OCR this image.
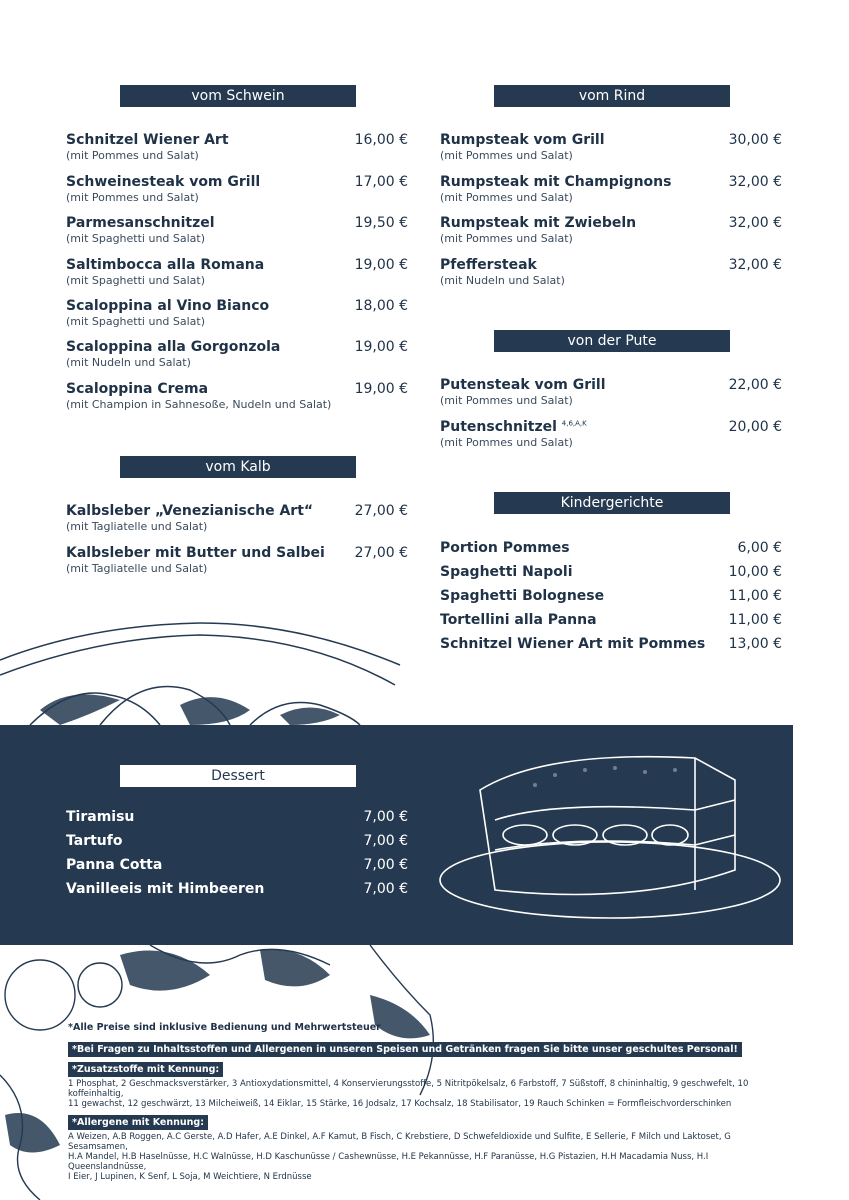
vom Schwein
Schnitzel Wiener Art	16,00 €
(mit Pommes und Salat)
Schweinesteak vom Grill	17,00 €
(mit Pommes und Salat)
Parmesanschnitzel	19,50 €
(mit Spaghetti und Salat)
Saltimbocca alla Romana	19,00 €
(mit Spaghetti und Salat)
Scaloppina al Vino Bianco	18,00 €
(mit Spaghetti und Salat)
Scaloppina alla Gorgonzola	19,00 €
(mit Nudeln und Salat)
Scaloppina Crema	19,00 €
(mit Champion in Sahnesoße, Nudeln und Salat)
vom Kalb
Kalbsleber „Venezianische Art“	27,00 €
(mit Tagliatelle und Salat)
Kalbsleber mit Butter und Salbei 27,00 €
(mit Tagliatelle und Salat)
vom Rind
Rumpsteak vom Grill	30,00 €
(mit Pommes und Salat)
Rumpsteak mit Champignons	32,00 €
(mit Pommes und Salat)
Rumpsteak mit Zwiebeln	32,00 €
(mit Pommes und Salat)
Pfeffersteak	32,00 €
(mit Nudeln und Salat)
von der Pute
Putensteak vom Grill	22,00 €
(mit Pommes und Salat)
Putenschnitzel $^{4,6,A,K}$	20,00 €
(mit Pommes und Salat)
Kindergerichte
Portion Pommes	6,00 €
Spaghetti Napoli	10,00 €
Spaghetti Bolognese	11,00 €
Tortellini alla Panna	11,00 €
Schnitzel Wiener Art mit Pommes 13,00 €
Dessert
Tiramisu	7,00 €
Tartufo	7,00 €
Panna Cotta	7,00 €
Vanilleeis mit Himbeeren	7,00 €
*Alle Preise sind inklusive Bedienung und Mehrwertsteuer
*Bei Fragen zu Inhaltsstoffen und Allergenen in unseren Speisen und Getränken fragen Sie bitte unser geschultes Personal!
*Zusatzstoffe mit Kennung:
1 Phosphat, 2 Geschmacksverstärker, 3 Antioxydationsmittel, 4 Konservierungsstoffe, 5 Nitritpökelsalz, 6 Farbstoff, 7 Süßstoff, 8 chininhaltig, 9 geschwefelt, 10 koffeinhaltig,
11 gewachst, 12 geschwärzt, 13 Milcheiweiß, 14 Eiklar, 15 Stärke, 16 Jodsalz, 17 Kochsalz, 18 Stabilisator, 19 Rauch Schinken = Formfleischvorderschinken
*Allergene mit Kennung:
A Weizen, A.B Roggen, A.C Gerste, A.D Hafer, A.E Dinkel, A.F Kamut, B Fisch, C Krebstiere, D Schwefeldioxide und Sulfite, E Sellerie, F Milch und Laktoset, G Sesamsamen,
H.A Mandel, H.B Haselnüsse, H.C Walnüsse, H.D Kaschunüsse / Cashewnüsse, H.E Pekannüsse, H.F Paranüsse, H.G Pistazien, H.H Macadamia Nuss, H.I Queenslandnüsse,
I Eier, J Lupinen, K Senf, L Soja, M Weichtiere, N Erdnüsse
